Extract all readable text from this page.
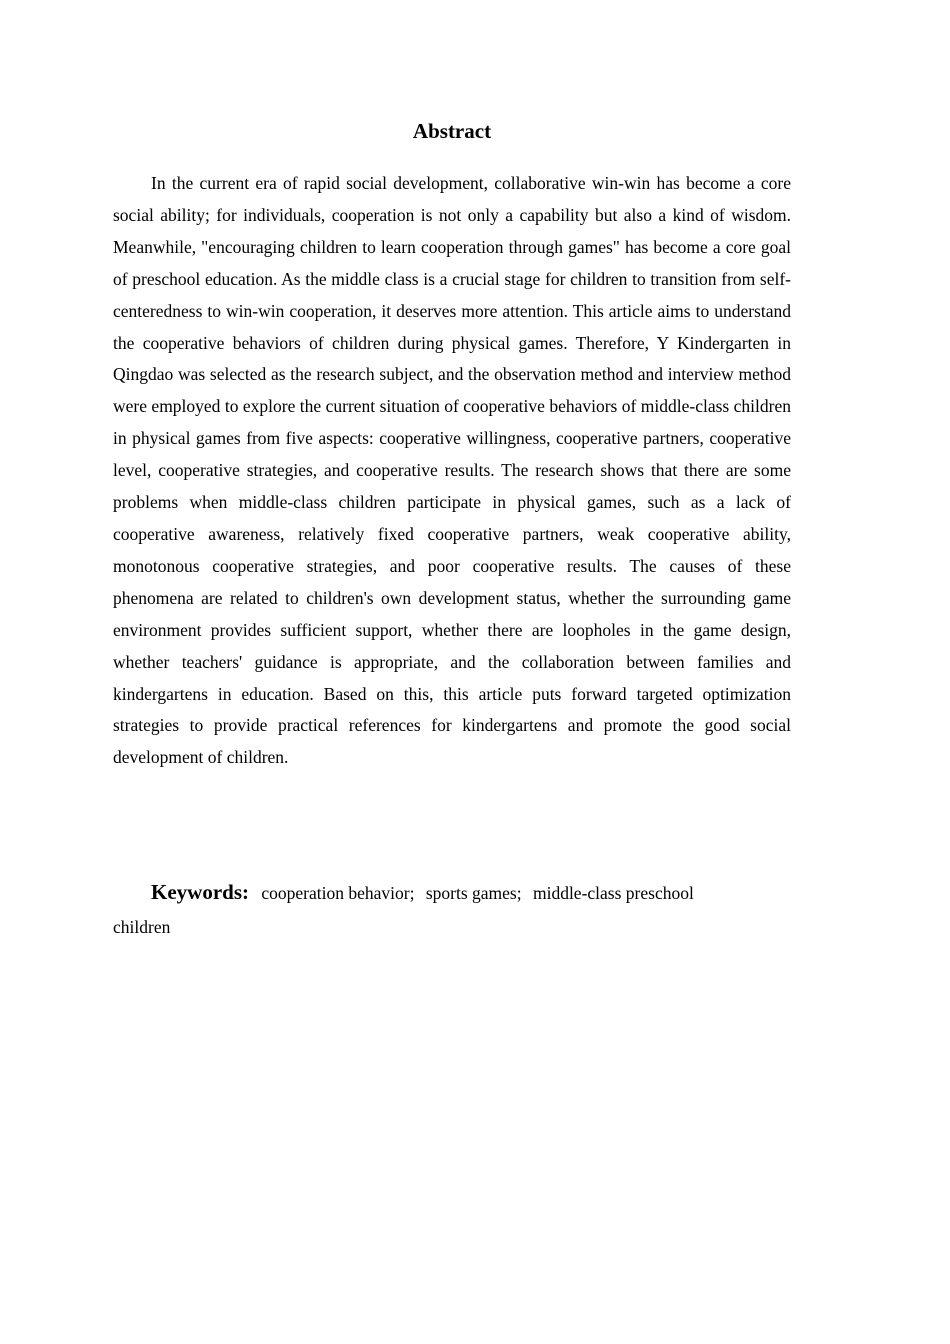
Abstract

In the current era of rapid social development, collaborative win-win has become a core social ability; for individuals, cooperation is not only a capability but also a kind of wisdom. Meanwhile, "encouraging children to learn cooperation through games" has become a core goal of preschool education. As the middle class is a crucial stage for children to transition from self-centeredness to win-win cooperation, it deserves more attention. This article aims to understand the cooperative behaviors of children during physical games. Therefore, Y Kindergarten in Qingdao was selected as the research subject, and the observation method and interview method were employed to explore the current situation of cooperative behaviors of middle-class children in physical games from five aspects: cooperative willingness, cooperative partners, cooperative level, cooperative strategies, and cooperative results. The research shows that there are some problems when middle-class children participate in physical games, such as a lack of cooperative awareness, relatively fixed cooperative partners, weak cooperative ability, monotonous cooperative strategies, and poor cooperative results. The causes of these phenomena are related to children's own development status, whether the surrounding game environment provides sufficient support, whether there are loopholes in the game design, whether teachers' guidance is appropriate, and the collaboration between families and kindergartens in education. Based on this, this article puts forward targeted optimization strategies to provide practical references for kindergartens and promote the good social development of children.

Keywords: cooperation behavior; sports games; middle-class preschool children
